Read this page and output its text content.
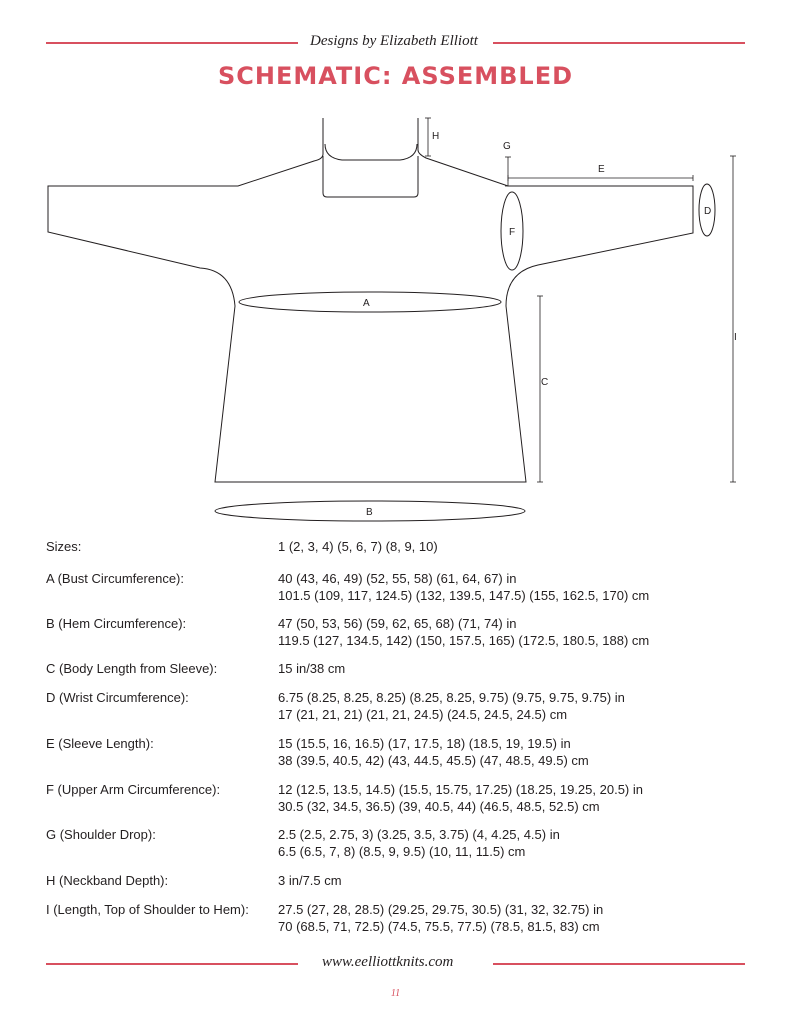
Designs by Elizabeth Elliott
SCHEMATIC: ASSEMBLED
A
B
C
D
E
F
G
H
I
Sizes:	1 (2, 3, 4) (5, 6, 7) (8, 9, 10)
A (Bust Circumference):	40 (43, 46, 49) (52, 55, 58) (61, 64, 67) in
101.5 (109, 117, 124.5) (132, 139.5, 147.5) (155, 162.5, 170) cm
B (Hem Circumference):	47 (50, 53, 56) (59, 62, 65, 68) (71, 74) in
119.5 (127, 134.5, 142) (150, 157.5, 165) (172.5, 180.5, 188) cm
C (Body Length from Sleeve):	15 in/38 cm
D (Wrist Circumference):	6.75 (8.25, 8.25, 8.25) (8.25, 8.25, 9.75) (9.75, 9.75, 9.75) in
17 (21, 21, 21) (21, 21, 24.5) (24.5, 24.5, 24.5) cm
E (Sleeve Length):	15 (15.5, 16, 16.5) (17, 17.5, 18) (18.5, 19, 19.5) in
38 (39.5, 40.5, 42) (43, 44.5, 45.5) (47, 48.5, 49.5) cm
F (Upper Arm Circumference):	12 (12.5, 13.5, 14.5) (15.5, 15.75, 17.25) (18.25, 19.25, 20.5) in
30.5 (32, 34.5, 36.5) (39, 40.5, 44) (46.5, 48.5, 52.5) cm
G (Shoulder Drop):	2.5 (2.5, 2.75, 3) (3.25, 3.5, 3.75) (4, 4.25, 4.5) in
6.5 (6.5, 7, 8) (8.5, 9, 9.5) (10, 11, 11.5) cm
H (Neckband Depth):	3 in/7.5 cm
I (Length, Top of Shoulder to Hem): 27.5 (27, 28, 28.5) (29.25, 29.75, 30.5) (31, 32, 32.75) in
70 (68.5, 71, 72.5) (74.5, 75.5, 77.5) (78.5, 81.5, 83) cm
www.eelliottknits.com
11
